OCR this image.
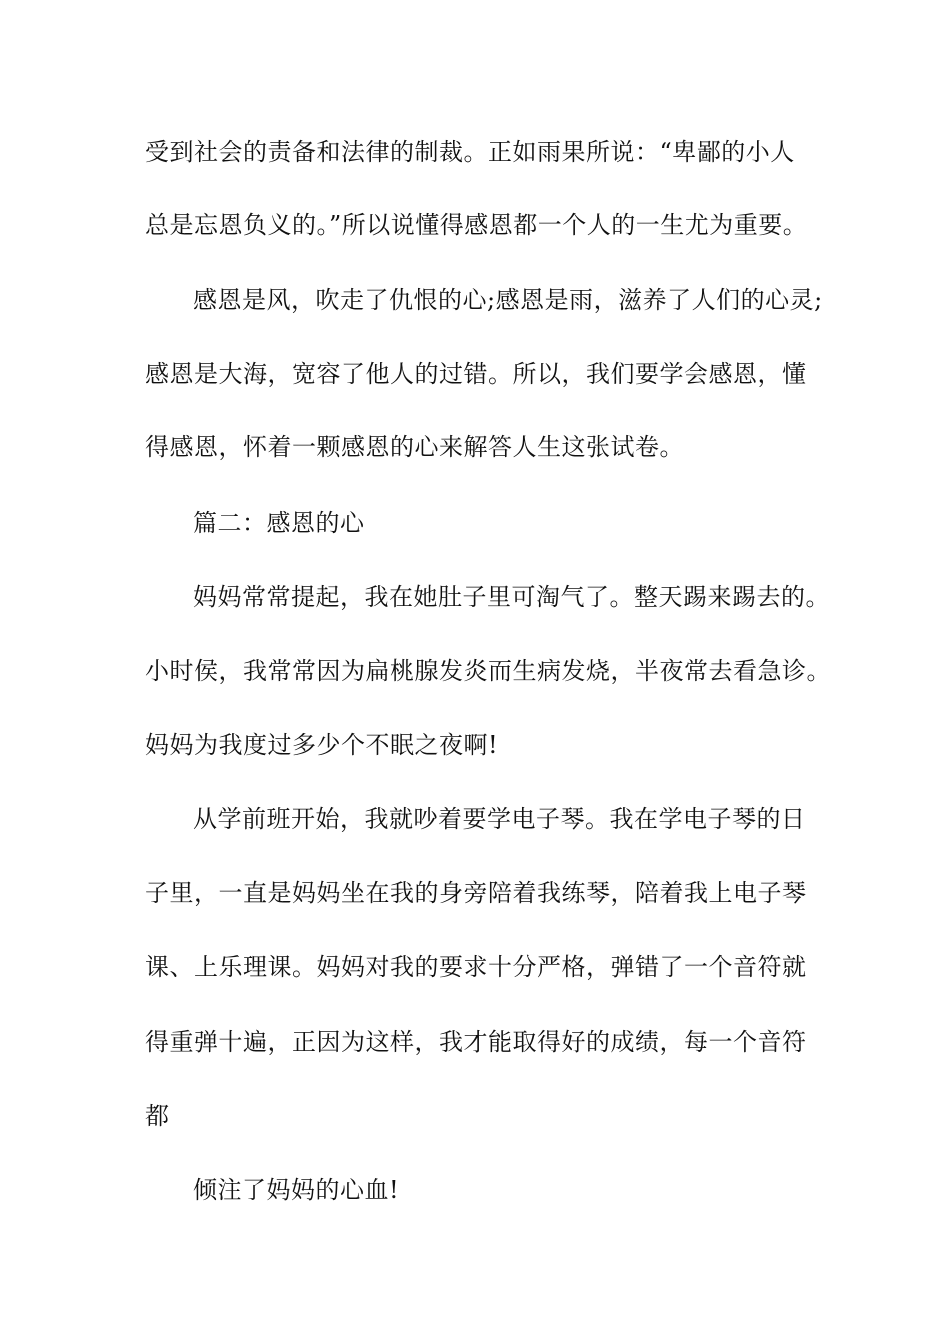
受到社会的责备和法律的制裁。正如雨果所说：“卑鄙的小人
总是忘恩负义的。”所以说懂得感恩都一个人的一生尤为重要。
感恩是风，吹走了仇恨的心;感恩是雨，滋养了人们的心灵;
感恩是大海，宽容了他人的过错。所以，我们要学会感恩，懂
得感恩，怀着一颗感恩的心来解答人生这张试卷。
篇二：感恩的心
妈妈常常提起，我在她肚子里可淘气了。整天踢来踢去的。
小时侯，我常常因为扁桃腺发炎而生病发烧，半夜常去看急诊。
妈妈为我度过多少个不眠之夜啊!
从学前班开始，我就吵着要学电子琴。我在学电子琴的日
子里，一直是妈妈坐在我的身旁陪着我练琴，陪着我上电子琴
课、上乐理课。妈妈对我的要求十分严格，弹错了一个音符就
得重弹十遍，正因为这样，我才能取得好的成绩，每一个音符
都
倾注了妈妈的心血!
